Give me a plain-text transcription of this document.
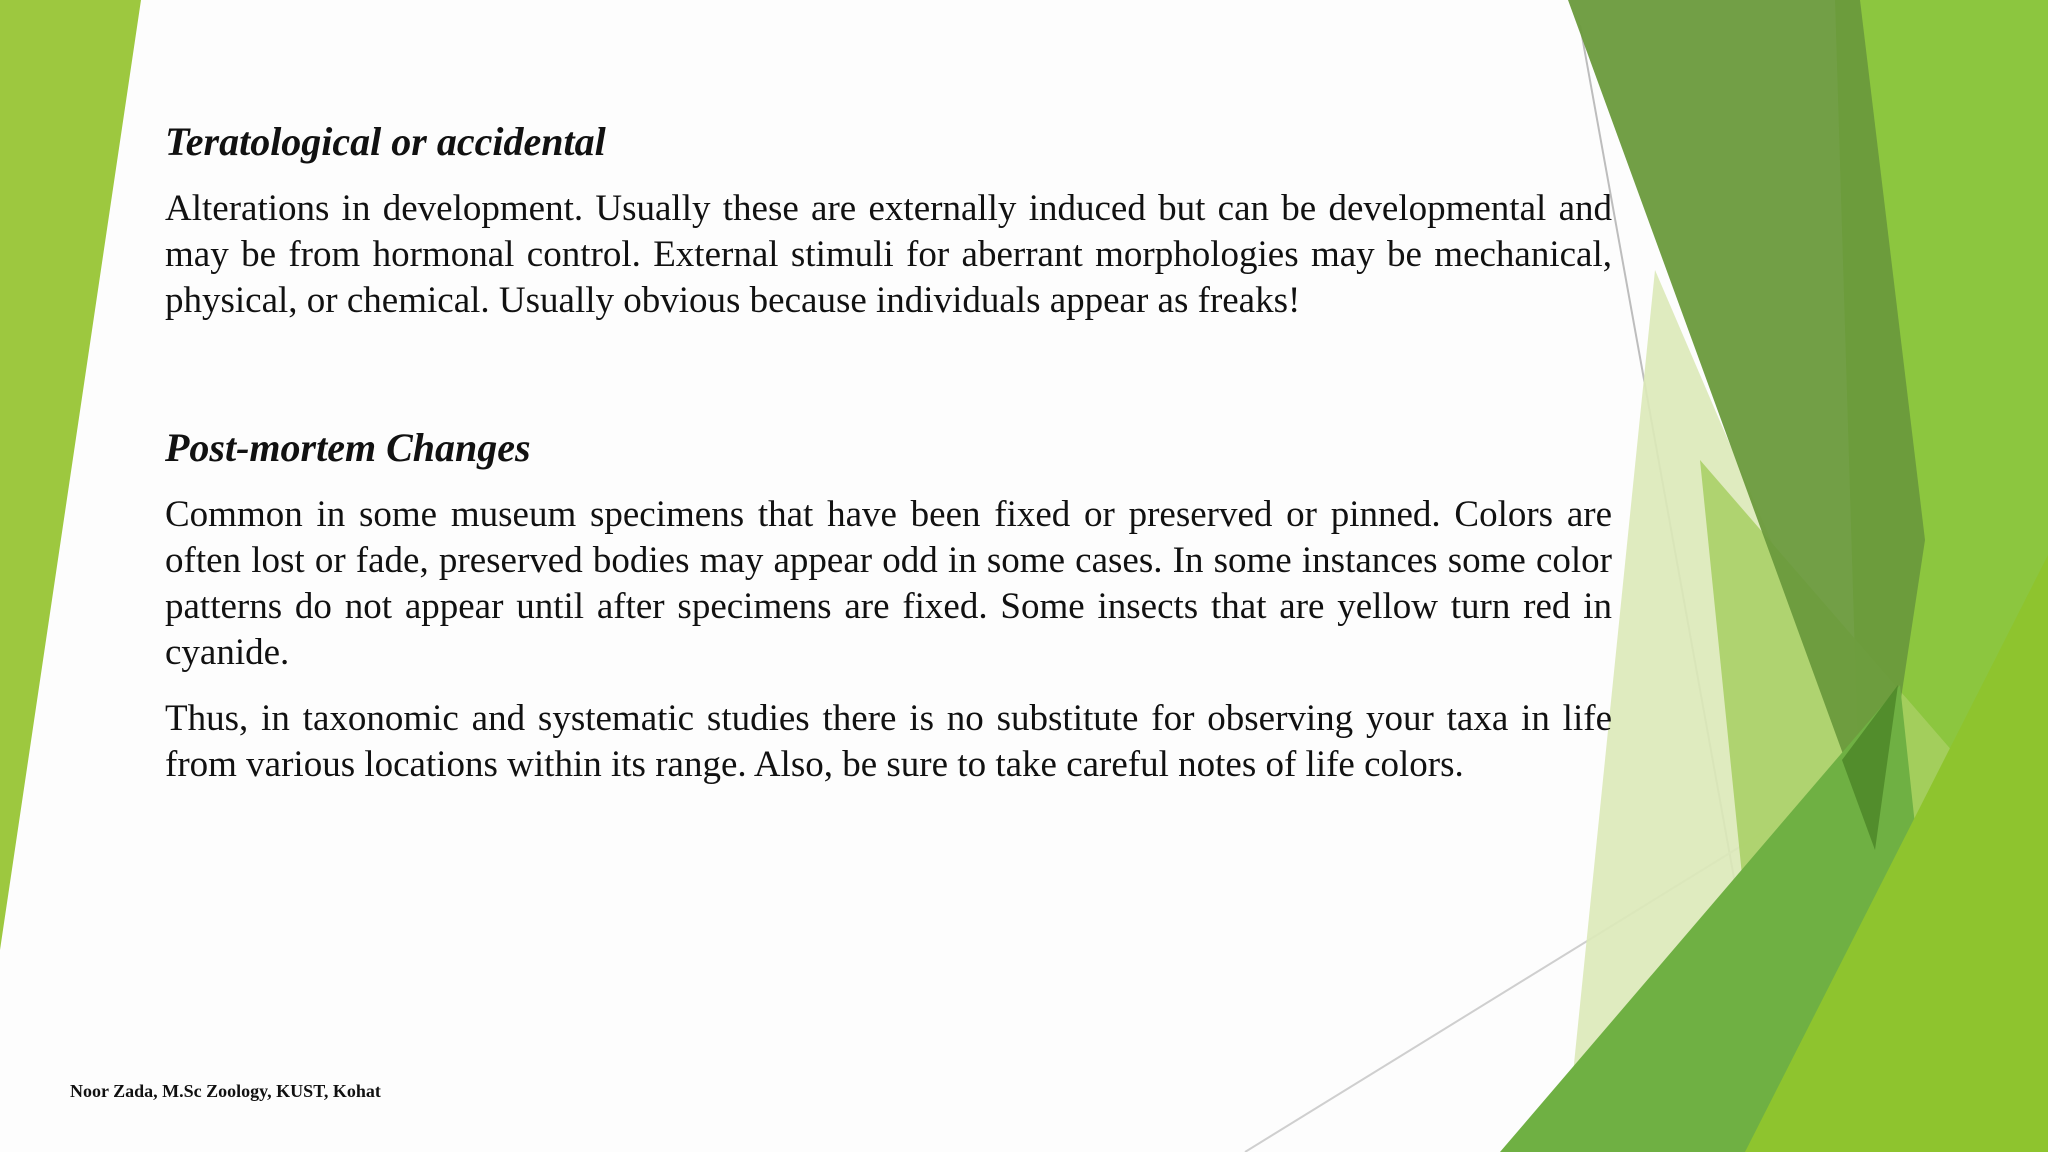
Teratological or accidental

Alterations in development. Usually these are externally induced but can be developmental and may be from hormonal control. External stimuli for aberrant morphologies may be mechanical, physical, or chemical. Usually obvious because individuals appear as freaks!

Post-mortem Changes

Common in some museum specimens that have been fixed or preserved or pinned. Colors are often lost or fade, preserved bodies may appear odd in some cases. In some instances some color patterns do not appear until after specimens are fixed. Some insects that are yellow turn red in cyanide.

Thus, in taxonomic and systematic studies there is no substitute for observing your taxa in life from various locations within its range. Also, be sure to take careful notes of life colors.

Noor Zada, M.Sc Zoology, KUST, Kohat
